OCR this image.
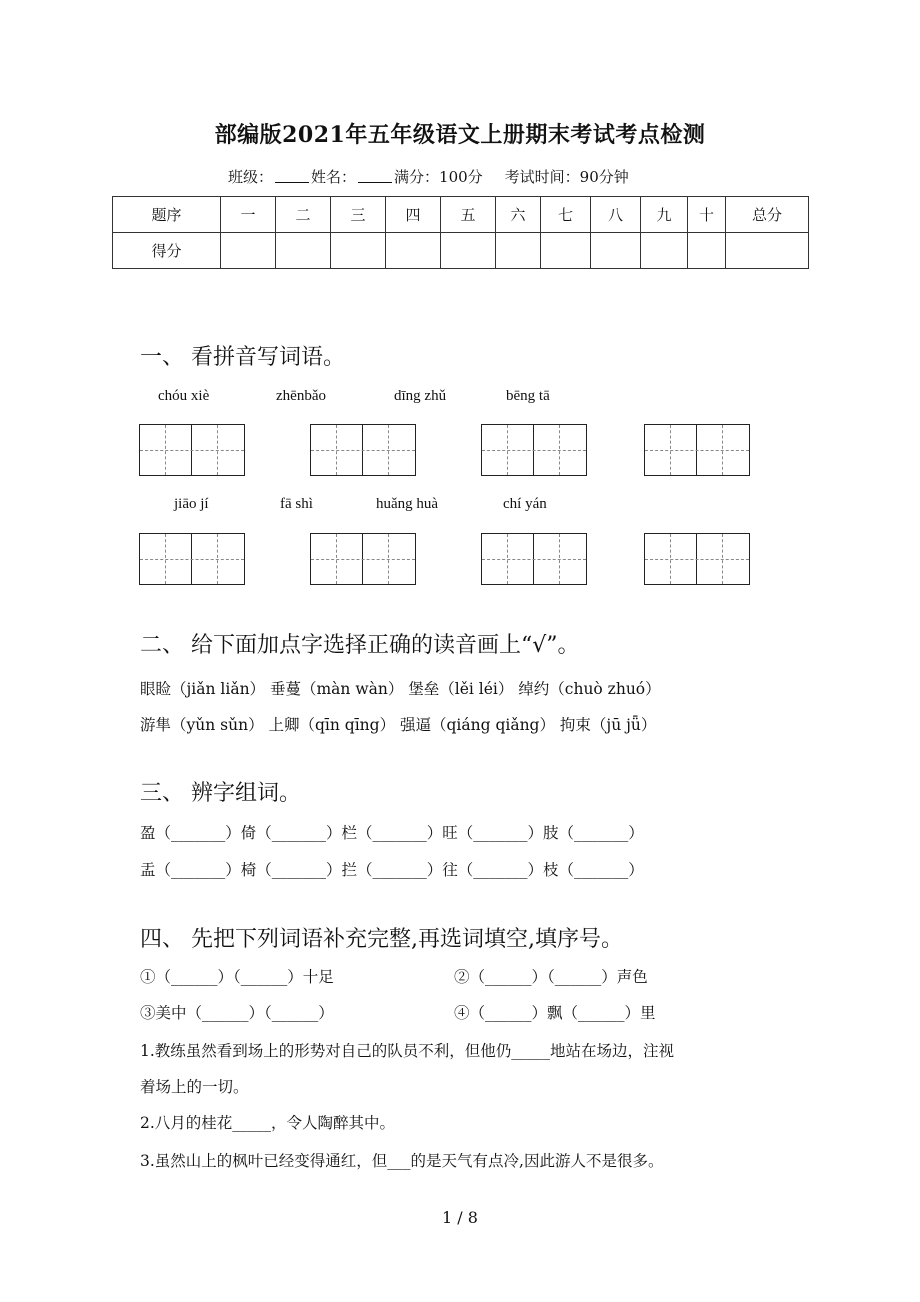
部编版2021年五年级语文上册期末考试考点检测
班级：	姓名：	满分：100分 考试时间：90分钟
题序	一	二	三	四	五	六	七	八	九	十	总分
得分											
一、 看拼音写词语。
chóu xiè	zhēnbǎo	dīng zhǔ	bēng tā
jiāo jí	fā shì	huǎng huà	chí yán
二、 给下面加点字选择正确的读音画上“√”。
眼睑（jiǎn liǎn） 垂蔓（màn wàn） 堡垒（lěi léi） 绰约（chuò zhuó）
游隼（yǔn sǔn） 上卿（qīn qīng） 强逼（qiáng qiǎng） 拘束（jū jǖ）
三、 辨字组词。
盈（_______）倚（_______）栏（_______）旺（_______）肢（_______）
盂（_______）椅（_______）拦（_______）往（_______）枝（_______）
四、 先把下列词语补充完整,再选词填空,填序号。
①（______）（______）十足	②（______）（______）声色
③美中（______）（______）	④（______）飘（______）里
1.教练虽然看到场上的形势对自己的队员不利，但他仍_____地站在场边，注视
着场上的一切。
2.八月的桂花_____，令人陶醉其中。
3.虽然山上的枫叶已经变得通红，但___的是天气有点冷,因此游人不是很多。
1 / 8
